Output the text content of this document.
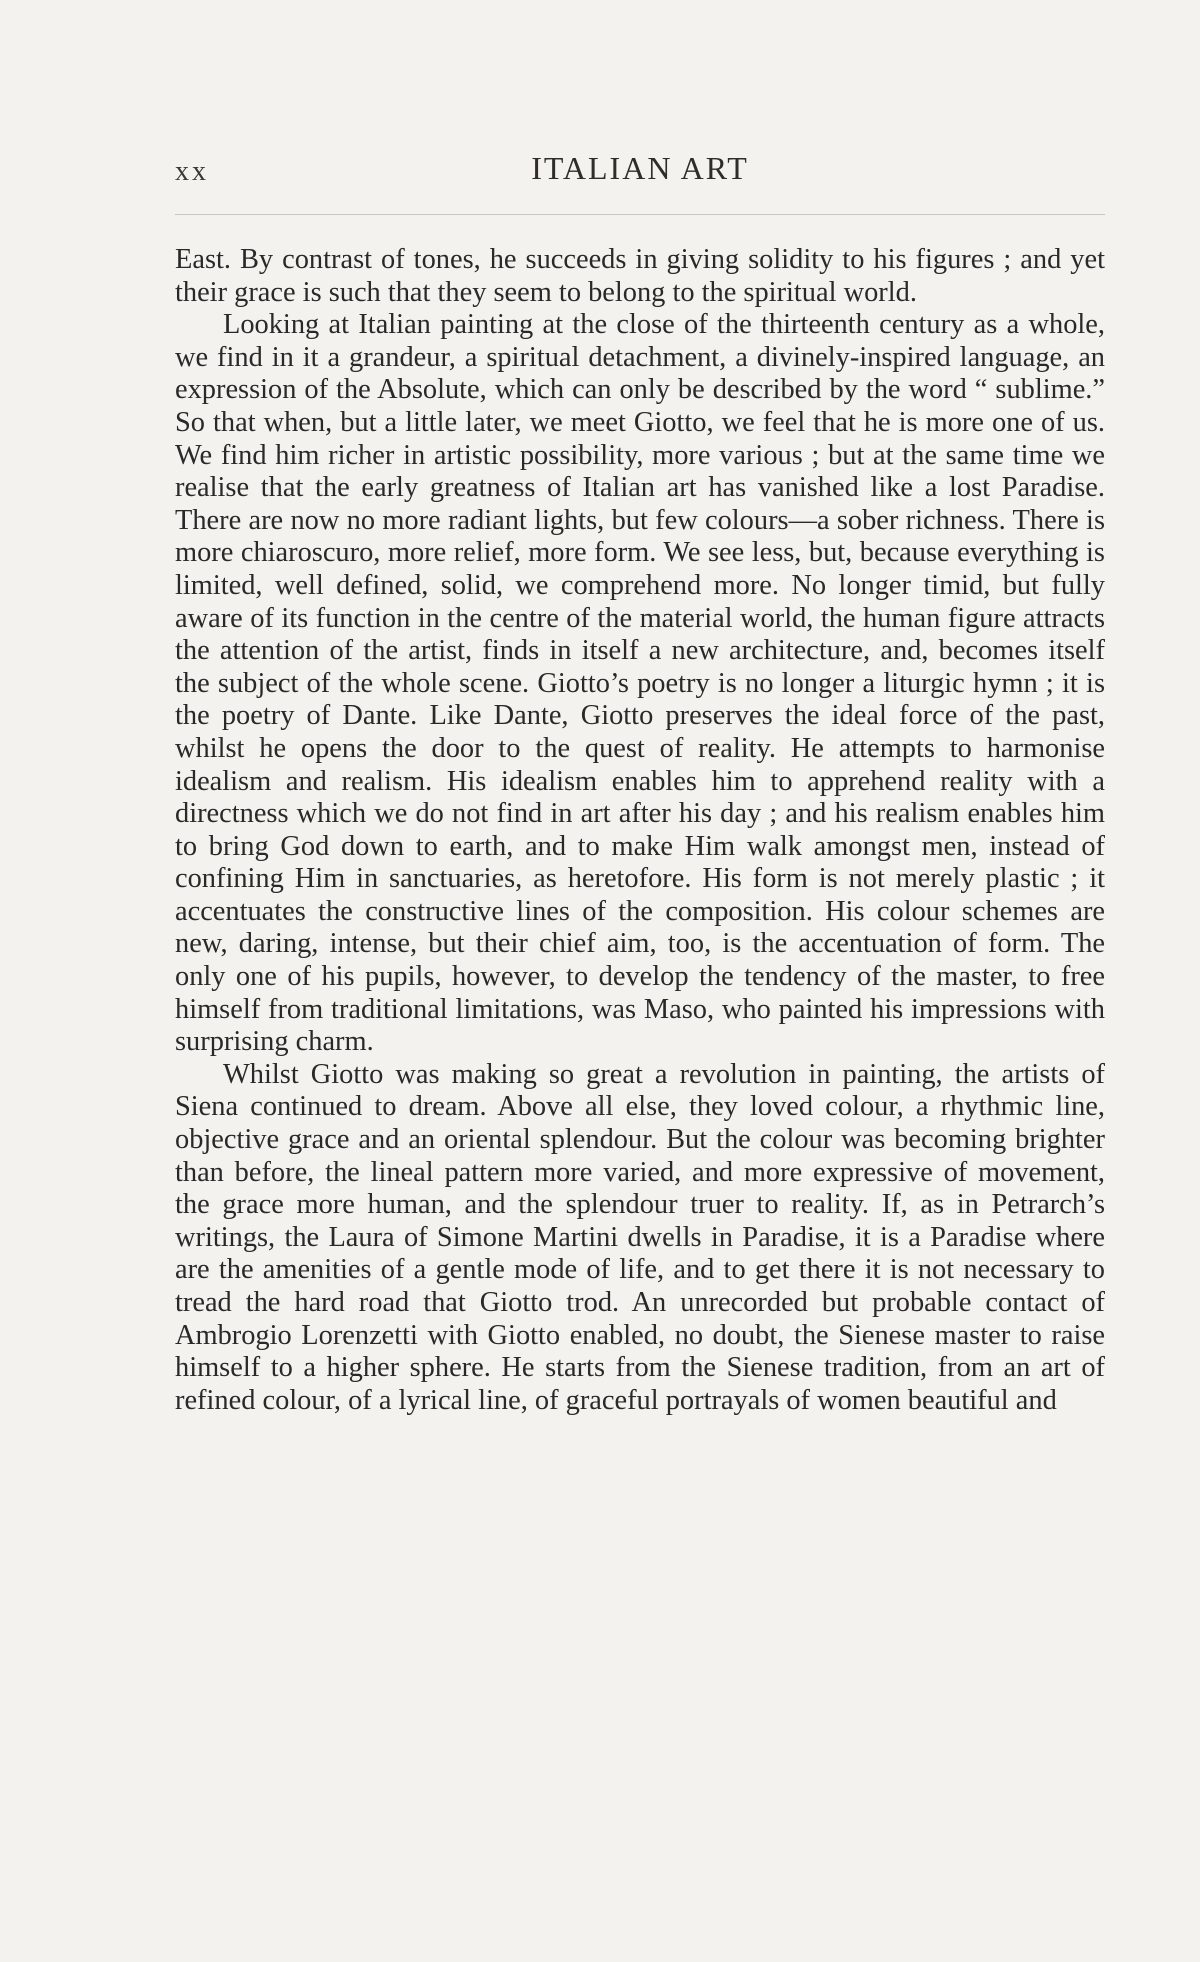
xx	ITALIAN ART

East. By contrast of tones, he succeeds in giving solidity to his figures ; and yet their grace is such that they seem to belong to the spiritual world.

Looking at Italian painting at the close of the thirteenth century as a whole, we find in it a grandeur, a spiritual detachment, a divinely-inspired language, an expression of the Absolute, which can only be described by the word “ sublime.” So that when, but a little later, we meet Giotto, we feel that he is more one of us. We find him richer in artistic possibility, more various ; but at the same time we realise that the early greatness of Italian art has vanished like a lost Paradise. There are now no more radiant lights, but few colours—a sober richness. There is more chiaroscuro, more relief, more form. We see less, but, because everything is limited, well defined, solid, we comprehend more. No longer timid, but fully aware of its function in the centre of the material world, the human figure attracts the attention of the artist, finds in itself a new architecture, and, becomes itself the subject of the whole scene. Giotto’s poetry is no longer a liturgic hymn ; it is the poetry of Dante. Like Dante, Giotto preserves the ideal force of the past, whilst he opens the door to the quest of reality. He attempts to harmonise idealism and realism. His idealism enables him to apprehend reality with a directness which we do not find in art after his day ; and his realism enables him to bring God down to earth, and to make Him walk amongst men, instead of confining Him in sanctuaries, as heretofore. His form is not merely plastic ; it accentuates the constructive lines of the composition. His colour schemes are new, daring, intense, but their chief aim, too, is the accentuation of form. The only one of his pupils, however, to develop the tendency of the master, to free himself from traditional limitations, was Maso, who painted his impressions with surprising charm.

Whilst Giotto was making so great a revolution in painting, the artists of Siena continued to dream. Above all else, they loved colour, a rhythmic line, objective grace and an oriental splendour. But the colour was becoming brighter than before, the lineal pattern more varied, and more expressive of movement, the grace more human, and the splendour truer to reality. If, as in Petrarch’s writings, the Laura of Simone Martini dwells in Paradise, it is a Paradise where are the amenities of a gentle mode of life, and to get there it is not necessary to tread the hard road that Giotto trod. An unrecorded but probable contact of Ambrogio Lorenzetti with Giotto enabled, no doubt, the Sienese master to raise himself to a higher sphere. He starts from the Sienese tradition, from an art of refined colour, of a lyrical line, of graceful portrayals of women beautiful and
